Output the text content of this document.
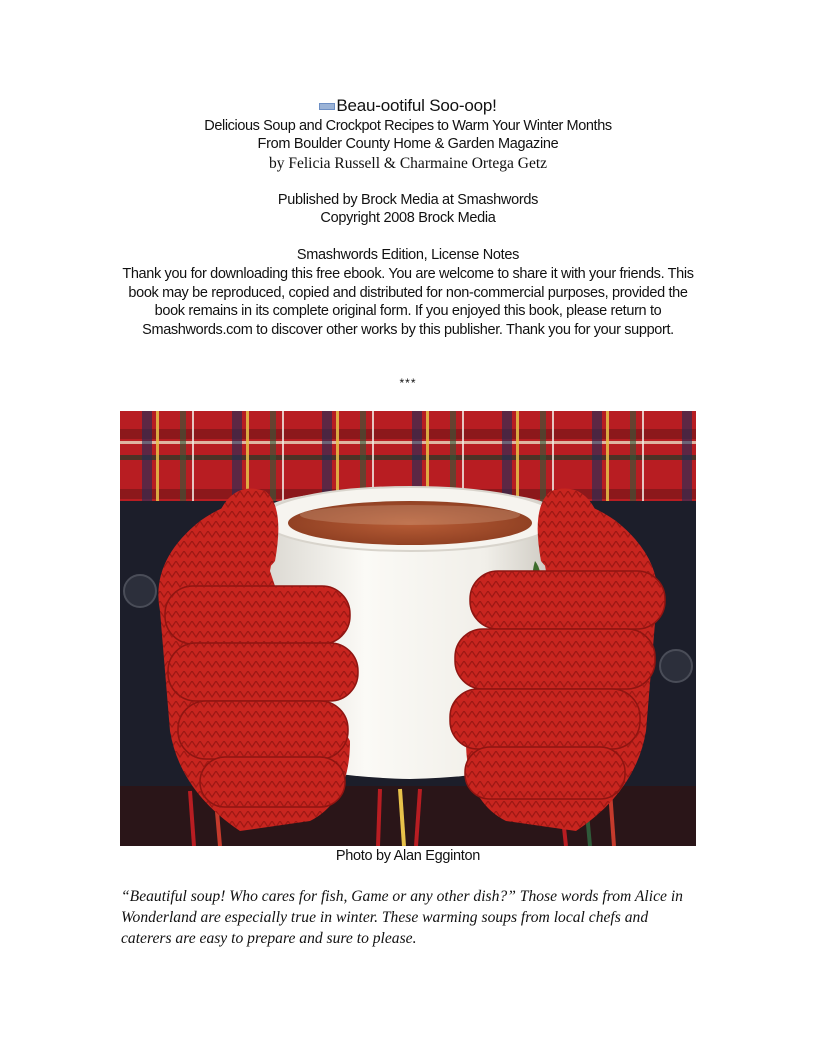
Beau-ootiful Soo-oop!
Delicious Soup and Crockpot Recipes to Warm Your Winter Months
From Boulder County Home & Garden Magazine
by Felicia Russell & Charmaine Ortega Getz
Published by Brock Media at Smashwords
Copyright 2008 Brock Media
Smashwords Edition, License Notes
Thank you for downloading this free ebook. You are welcome to share it with your friends. This book may be reproduced, copied and distributed for non-commercial purposes, provided the book remains in its complete original form. If you enjoyed this book, please return to Smashwords.com to discover other works by this publisher. Thank you for your support.
***
Photo by Alan Egginton
“Beautiful soup! Who cares for fish, Game or any other dish?” Those words from Alice in Wonderland are especially true in winter. These warming soups from local chefs and caterers are easy to prepare and sure to please.
